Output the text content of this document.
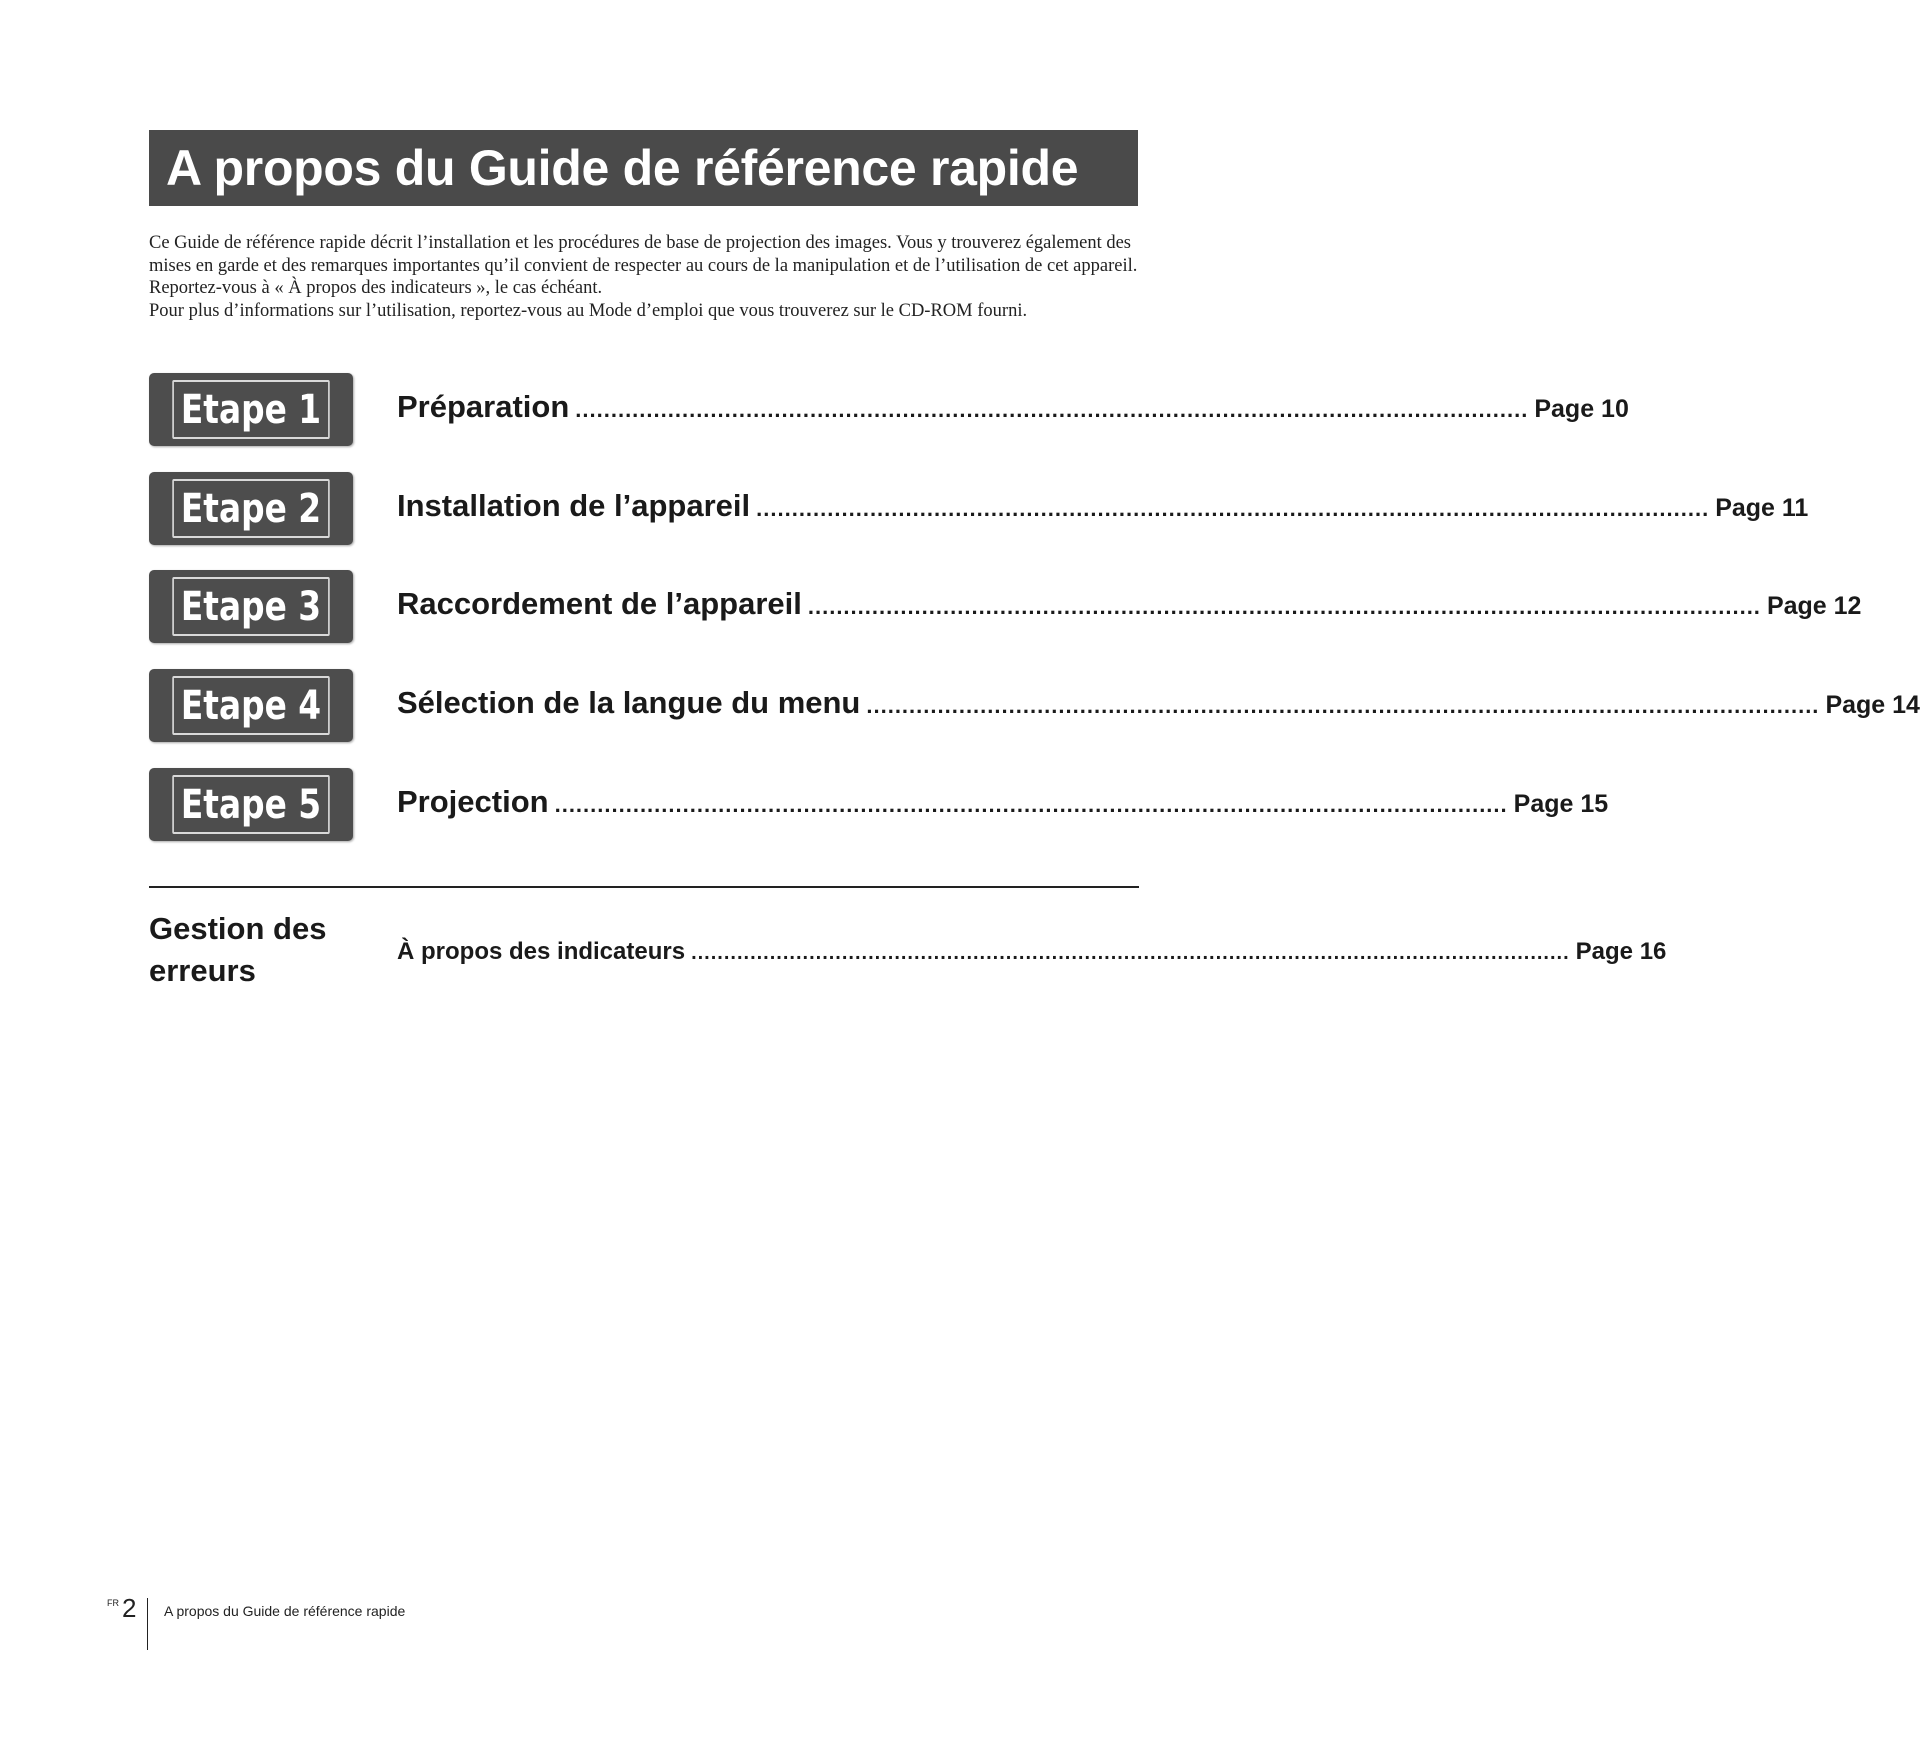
A propos du Guide de référence rapide

Ce Guide de référence rapide décrit l’installation et les procédures de base de projection des images. Vous y trouverez également des mises en garde et des remarques importantes qu’il convient de respecter au cours de la manipulation et de l’utilisation de cet appareil.

Reportez-vous à « À propos des indicateurs », le cas échéant.

Pour plus d’informations sur l’utilisation, reportez-vous au Mode d’emploi que vous trouverez sur le CD-ROM fourni.

Etape 1 Préparation ...................................................................................................................................... Page 10
Etape 2 Installation de l’appareil ...................................................................................................................................... Page 11
Etape 3 Raccordement de l’appareil ...................................................................................................................................... Page 12
Etape 4 Sélection de la langue du menu ...................................................................................................................................... Page 14
Etape 5 Projection ...................................................................................................................................... Page 15
Gestion des erreurs
À propos des indicateurs ...................................................................................................................................... Page 16
FR 2 A propos du Guide de référence rapide
